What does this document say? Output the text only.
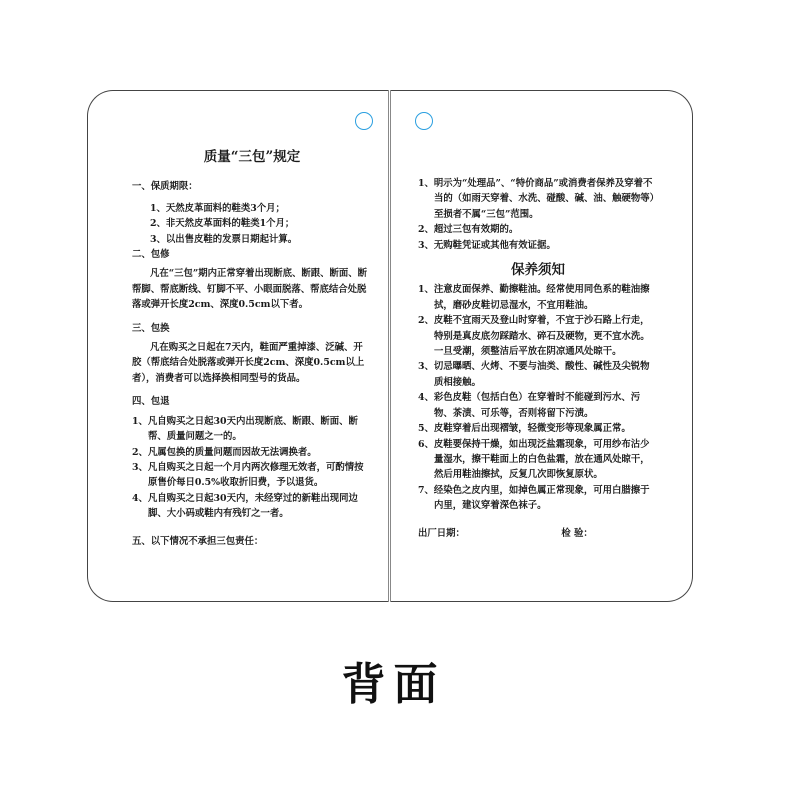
质量“三包”规定

一、保质期限：

1、天然皮革面料的鞋类3个月；

2、非天然皮革面料的鞋类1个月；

3、以出售皮鞋的发票日期起计算。

二、包修

凡在“三包”期内正常穿着出现断底、断跟、断面、断帮脚、帮底断线、钉脚不平、小眼面脱落、帮底结合处脱落或弹开长度2cm、深度0.5cm以下者。

三、包换

凡在购买之日起在7天内，鞋面严重掉漆、泛碱、开胶（帮底结合处脱落或弹开长度2cm、深度0.5cm以上者），消费者可以选择换相同型号的货品。

四、包退

1、凡自购买之日起30天内出现断底、断跟、断面、断帮、质量问题之一的。

2、凡属包换的质量问题而因故无法调换者。

3、凡自购买之日起一个月内两次修理无效者，可酌情按原售价每日0.5%收取折旧费，予以退货。

4、凡自购买之日起30天内，未经穿过的新鞋出现同边脚、大小码或鞋内有残钉之一者。

五、以下情况不承担三包责任：

1、明示为“处理品”、“特价商品”或消费者保养及穿着不当的（如雨天穿着、水洗、碰酸、碱、油、触硬物等）至损者不属“三包”范围。

2、超过三包有效期的。

3、无购鞋凭证或其他有效证据。

保养须知

1、注意皮面保养、勤擦鞋油。经常使用同色系的鞋油擦拭，磨砂皮鞋切忌湿水，不宜用鞋油。

2、皮鞋不宜雨天及登山时穿着，不宜于沙石路上行走，特别是真皮底勿踩踏水、碎石及硬物，更不宜水洗。一旦受潮，须整洁后平放在阴凉通风处晾干。

3、切忌曝晒、火烤、不要与油类、酸性、碱性及尖锐物质相接触。

4、彩色皮鞋（包括白色）在穿着时不能碰到污水、污物、茶渍、可乐等，否则将留下污渍。

5、皮鞋穿着后出现褶皱，轻微变形等现象属正常。

6、皮鞋要保持干燥，如出现泛盐霜现象，可用纱布沾少量湿水，擦干鞋面上的白色盐霜，放在通风处晾干，然后用鞋油擦拭，反复几次即恢复原状。

7、经染色之皮内里，如掉色属正常现象，可用白腊擦于内里，建议穿着深色袜子。

出厂日期：	检 验：

背面
